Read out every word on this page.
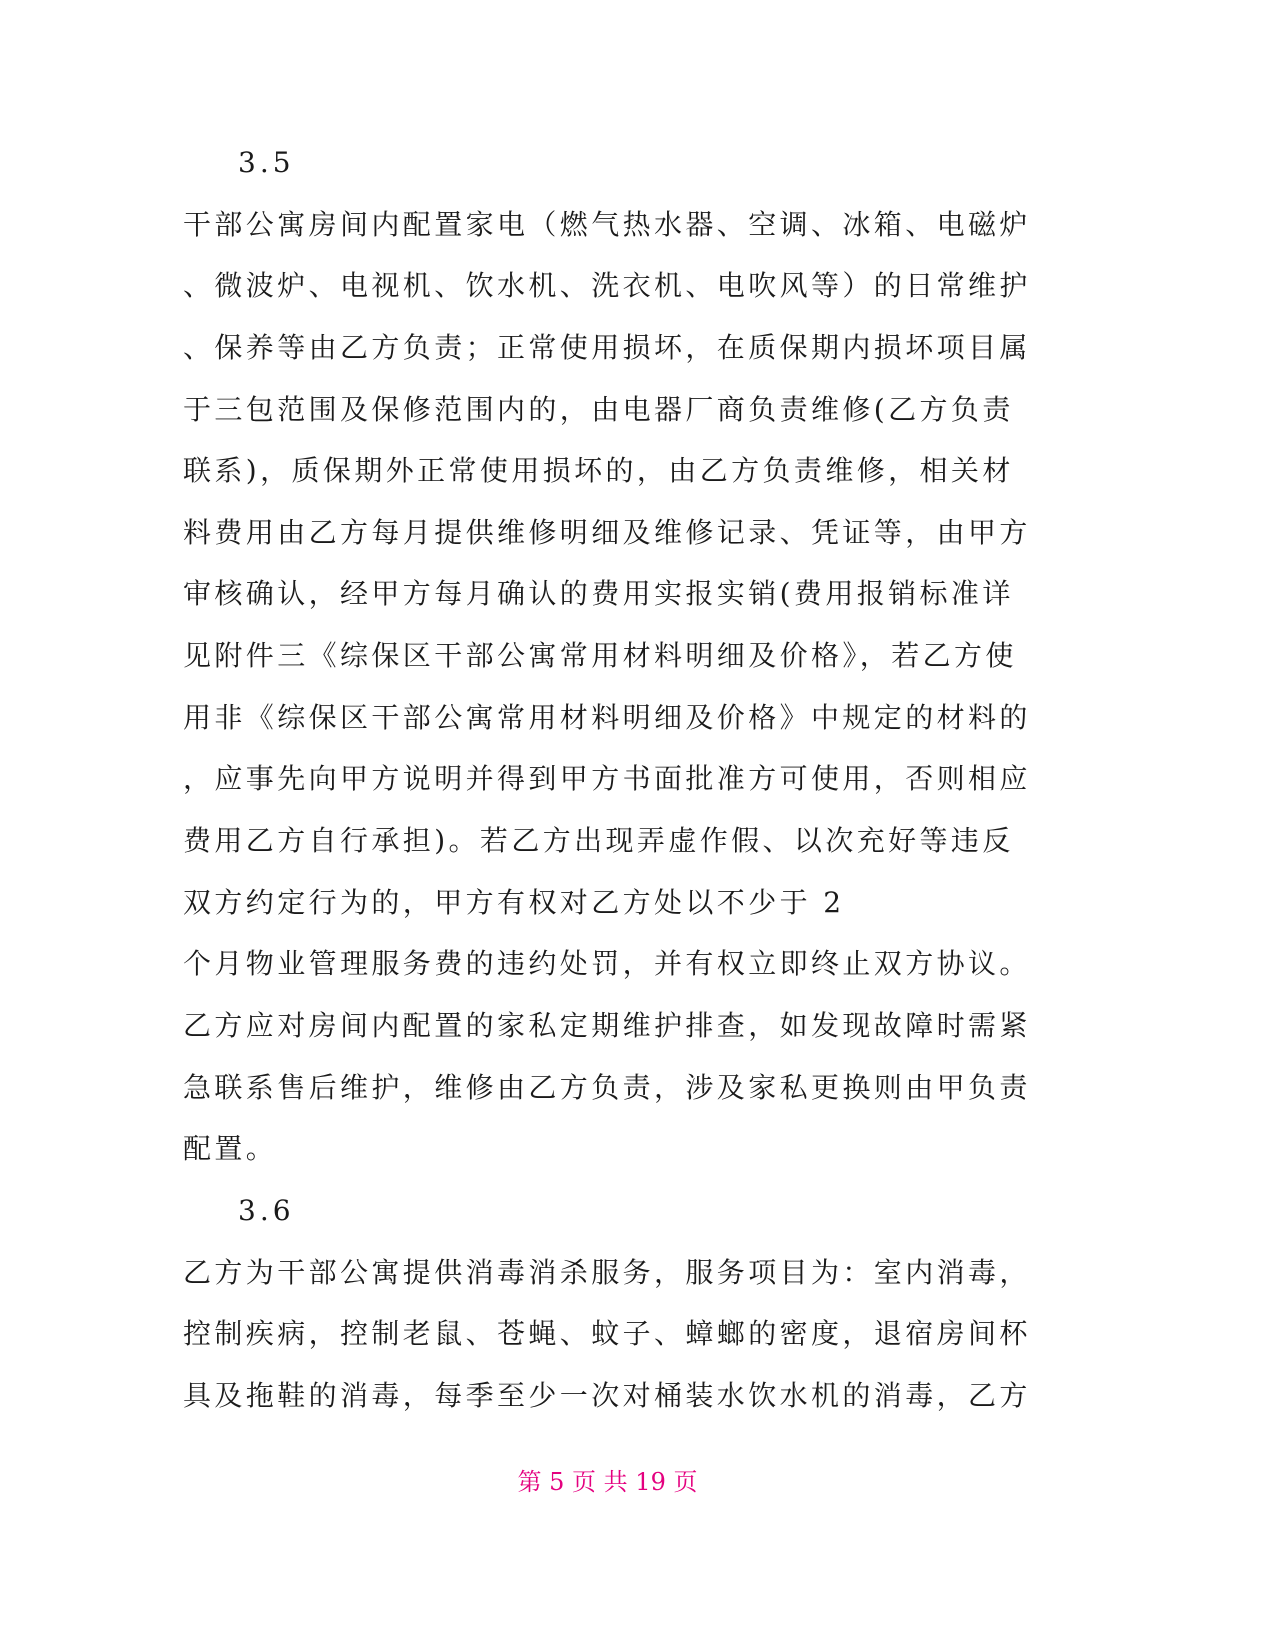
3.5
干部公寓房间内配置家电（燃气热水器、空调、冰箱、电磁炉
、微波炉、电视机、饮水机、洗衣机、电吹风等）的日常维护
、保养等由乙方负责；正常使用损坏，在质保期内损坏项目属
于三包范围及保修范围内的，由电器厂商负责维修(乙方负责
联系)，质保期外正常使用损坏的，由乙方负责维修，相关材
料费用由乙方每月提供维修明细及维修记录、凭证等，由甲方
审核确认，经甲方每月确认的费用实报实销(费用报销标准详
见附件三《综保区干部公寓常用材料明细及价格》，若乙方使
用非《综保区干部公寓常用材料明细及价格》中规定的材料的
，应事先向甲方说明并得到甲方书面批准方可使用，否则相应
费用乙方自行承担)。若乙方出现弄虚作假、以次充好等违反
双方约定行为的，甲方有权对乙方处以不少于 2
个月物业管理服务费的违约处罚，并有权立即终止双方协议。
乙方应对房间内配置的家私定期维护排查，如发现故障时需紧
急联系售后维护，维修由乙方负责，涉及家私更换则由甲负责
配置。
3.6
乙方为干部公寓提供消毒消杀服务，服务项目为：室内消毒，
控制疾病，控制老鼠、苍蝇、蚊子、蟑螂的密度，退宿房间杯
具及拖鞋的消毒，每季至少一次对桶装水饮水机的消毒，乙方
第 5 页 共 19 页
